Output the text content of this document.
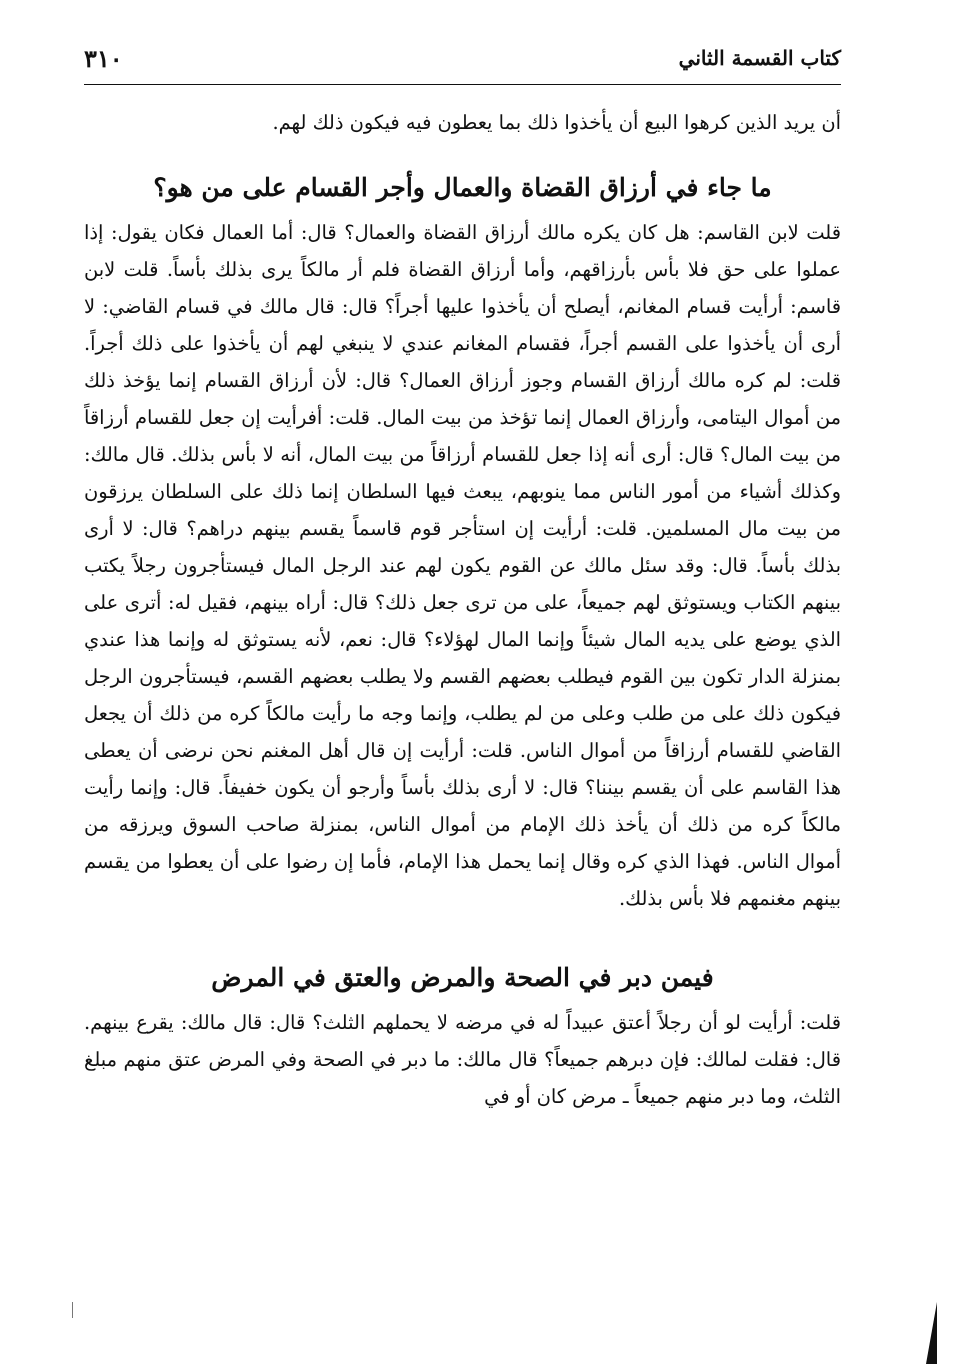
كتاب القسمة الثاني
٣١٠

أن يريد الذين كرهوا البيع أن يأخذوا ذلك بما يعطون فيه فيكون ذلك لهم.

ما جاء في أرزاق القضاة والعمال وأجر القسام على من هو؟

قلت لابن القاسم: هل كان يكره مالك أرزاق القضاة والعمال؟ قال: أما العمال فكان يقول: إذا عملوا على حق فلا بأس بأرزاقهم، وأما أرزاق القضاة فلم أر مالكاً يرى بذلك بأساً. قلت لابن قاسم: أرأيت قسام المغانم، أيصلح أن يأخذوا عليها أجراً؟ قال: قال مالك في قسام القاضي: لا أرى أن يأخذوا على القسم أجراً، فقسام المغانم عندي لا ينبغي لهم أن يأخذوا على ذلك أجراً. قلت: لم كره مالك أرزاق القسام وجوز أرزاق العمال؟ قال: لأن أرزاق القسام إنما يؤخذ ذلك من أموال اليتامى، وأرزاق العمال إنما تؤخذ من بيت المال. قلت: أفرأيت إن جعل للقسام أرزاقاً من بيت المال؟ قال: أرى أنه إذا جعل للقسام أرزاقاً من بيت المال، أنه لا بأس بذلك. قال مالك: وكذلك أشياء من أمور الناس مما ينوبهم، يبعث فيها السلطان إنما ذلك على السلطان يرزقون من بيت مال المسلمين. قلت: أرأيت إن استأجر قوم قاسماً يقسم بينهم دراهم؟ قال: لا أرى بذلك بأساً. قال: وقد سئل مالك عن القوم يكون لهم عند الرجل المال فيستأجرون رجلاً يكتب بينهم الكتاب ويستوثق لهم جميعاً، على من ترى جعل ذلك؟ قال: أراه بينهم، فقيل له: أترى على الذي يوضع على يديه المال شيئاً وإنما المال لهؤلاء؟ قال: نعم، لأنه يستوثق له وإنما هذا عندي بمنزلة الدار تكون بين القوم فيطلب بعضهم القسم ولا يطلب بعضهم القسم، فيستأجرون الرجل فيكون ذلك على من طلب وعلى من لم يطلب، وإنما وجه ما رأيت مالكاً كره من ذلك أن يجعل القاضي للقسام أرزاقاً من أموال الناس. قلت: أرأيت إن قال أهل المغنم نحن نرضى أن يعطى هذا القاسم على أن يقسم بيننا؟ قال: لا أرى بذلك بأساً وأرجو أن يكون خفيفاً. قال: وإنما رأيت مالكاً كره من ذلك أن يأخذ ذلك الإمام من أموال الناس، بمنزلة صاحب السوق ويرزقه من أموال الناس. فهذا الذي كره وقال إنما يحمل هذا الإمام، فأما إن رضوا على أن يعطوا من يقسم بينهم مغنمهم فلا بأس بذلك.

فيمن دبر في الصحة والمرض والعتق في المرض

قلت: أرأيت لو أن رجلاً أعتق عبيداً له في مرضه لا يحملهم الثلث؟ قال: قال مالك: يقرع بينهم. قال: فقلت لمالك: فإن دبرهم جميعاً؟ قال مالك: ما دبر في الصحة وفي المرض عتق منهم مبلغ الثلث، وما دبر منهم جميعاً ـ مرض كان أو في
